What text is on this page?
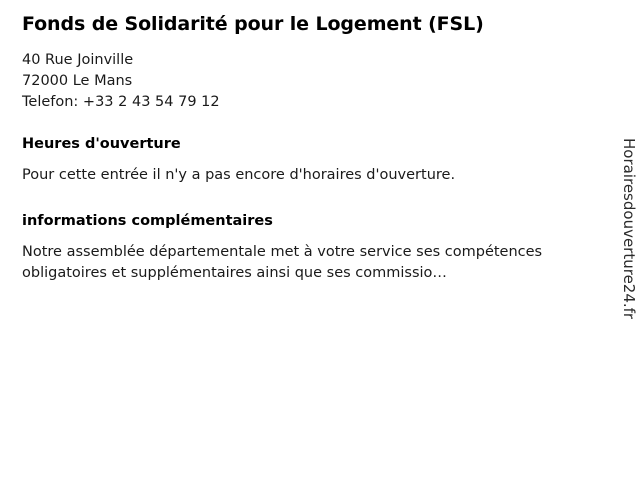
Fonds de Solidarité pour le Logement (FSL)
40 Rue Joinville
72000 Le Mans
Telefon: +33 2 43 54 79 12
Heures d'ouverture

Pour cette entrée il n'y a pas encore d'horaires d'ouverture.

informations complémentaires

Notre assemblée départementale met à votre service ses compétences obligatoires et supplémentaires ainsi que ses commissio…	Horairesdouverture24.fr
